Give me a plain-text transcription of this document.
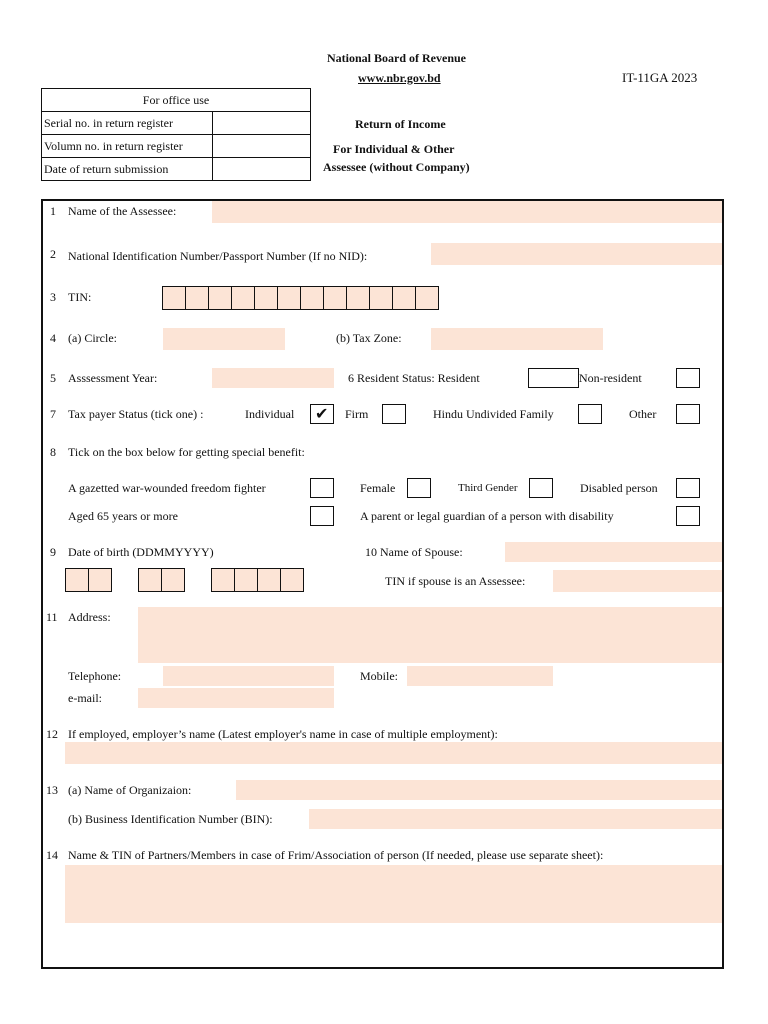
National Board of Revenue
www.nbr.gov.bd	IT-11GA 2023
Return of Income
For Individual & Other
Assessee (without Company)
For office use	
Serial no. in return register	
Volumn no. in return register	
Date of return submission	
1 Name of the Assessee:
2 National Identification Number/Passport Number (If no NID):
3 TIN:
4 (a) Circle:	(b) Tax Zone:
5 Asssessment Year:	6 Resident Status: Resident	Non-resident
7 Tax payer Status (tick one) :	Individual ✔	Firm	Hindu Undivided Family	Other
8 Tick on the box below for getting special benefit:
A gazetted war-wounded freedom fighter	Female	Third Gender	Disabled person
Aged 65 years or more	A parent or legal guardian of a person with disability
9 Date of birth (DDMMYYYY)	10 Name of Spouse:
TIN if spouse is an Assessee:
11 Address:
Telephone:	Mobile:
e-mail:
12 If employed, employer’s name (Latest employer's name in case of multiple employment):
13 (a) Name of Organizaion:
(b) Business Identification Number (BIN):
14 Name & TIN of Partners/Members in case of Frim/Association of person (If needed, please use separate sheet):
